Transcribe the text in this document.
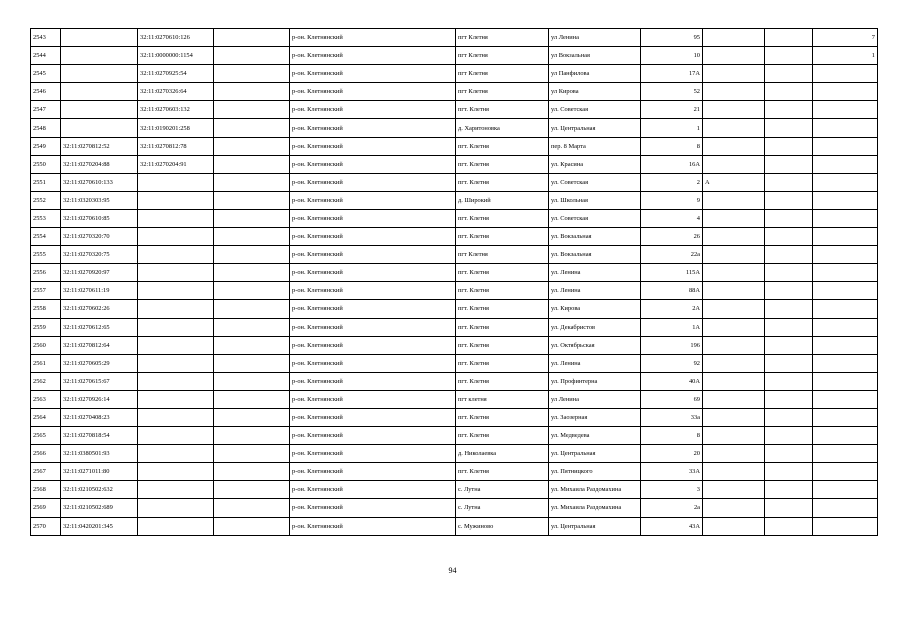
2543		32:11:0270610:126		р-он. Клетнянский	пгт Клетня	ул Ленина	95			7
2544		32:11:0000000:1154		р-он. Клетнянский	пгт Клетня	ул Вокзальная	10			1
2545		32:11:0270925:54		р-он. Клетнянский	пгт Клетня	ул Панфилова	17А			
2546		32:11:0270326:64		р-он. Клетнянский	пгт Клетня	ул Кирова	52			
2547		32:11:0270603:132		р-он. Клетнянский	пгт. Клетня	ул. Советская	21			
2548		32:11:0190201:258		р-он. Клетнянский	д. Харитоновка	ул. Центральная	1			
2549	32:11:0270812:52	32:11:0270812:78		р-он. Клетнянский	пгт. Клетня	пер. 8 Марта	8			
2550	32:11:0270204:88	32:11:0270204:91		р-он. Клетнянский	пгт. Клетня	ул. Красина	16А			
2551	32:11:0270610:133			р-он. Клетнянский	пгт. Клетня	ул. Советская	2	А		
2552	32:11:0320303:95			р-он. Клетнянский	д. Широкий	ул. Школьная	9			
2553	32:11:0270610:85			р-он. Клетнянский	пгт. Клетня	ул. Советская	4			
2554	32:11:0270320:70			р-он. Клетнянский	пгт. Клетня	ул. Вокзальная	26			
2555	32:11:0270320:75			р-он. Клетнянский	пгт Клетня	ул. Вокзальная	22а			
2556	32:11:0270920:97			р-он. Клетнянский	пгт. Клетня	ул. Ленина	115А			
2557	32:11:0270611:19			р-он. Клетнянский	пгт. Клетня	ул. Ленина	88А			
2558	32:11:0270602:26			р-он. Клетнянский	пгт. Клетня	ул. Кирова	2А			
2559	32:11:0270612:65			р-он. Клетнянский	пгт. Клетня	ул. Декабристов	1А			
2560	32:11:0270812:64			р-он. Клетнянский	пгт. Клетня	ул. Октябрьская	196			
2561	32:11:0270605:29			р-он. Клетнянский	пгт. Клетня	ул. Ленина	92			
2562	32:11:0270615:67			р-он. Клетнянский	пгт. Клетня	ул. Профинтерна	40А			
2563	32:11:0270926:14			р-он. Клетнянский	пгт клетня	ул Ленина	69			
2564	32:11:0270408:23			р-он. Клетнянский	пгт. Клетня	ул. Заозерная	33а			
2565	32:11:0270818:54			р-он. Клетнянский	пгт. Клетня	ул. Медведева	8			
2566	32:11:0380501:93			р-он. Клетнянский	д. Николаевка	ул. Центральная	20			
2567	32:11:0271011:80			р-он. Клетнянский	пгт. Клетня	ул. Пятницкого	33А			
2568	32:11:0210502:632			р-он. Клетнянский	с. Лутна	ул. Михаила Раздомахина	3			
2569	32:11:0210502:689			р-он. Клетнянский	с. Лутна	ул. Михаила Раздомахина	2а			
2570	32:11:0420201:345			р-он. Клетнянский	с. Мужиново	ул. Центральная	43А			
94
